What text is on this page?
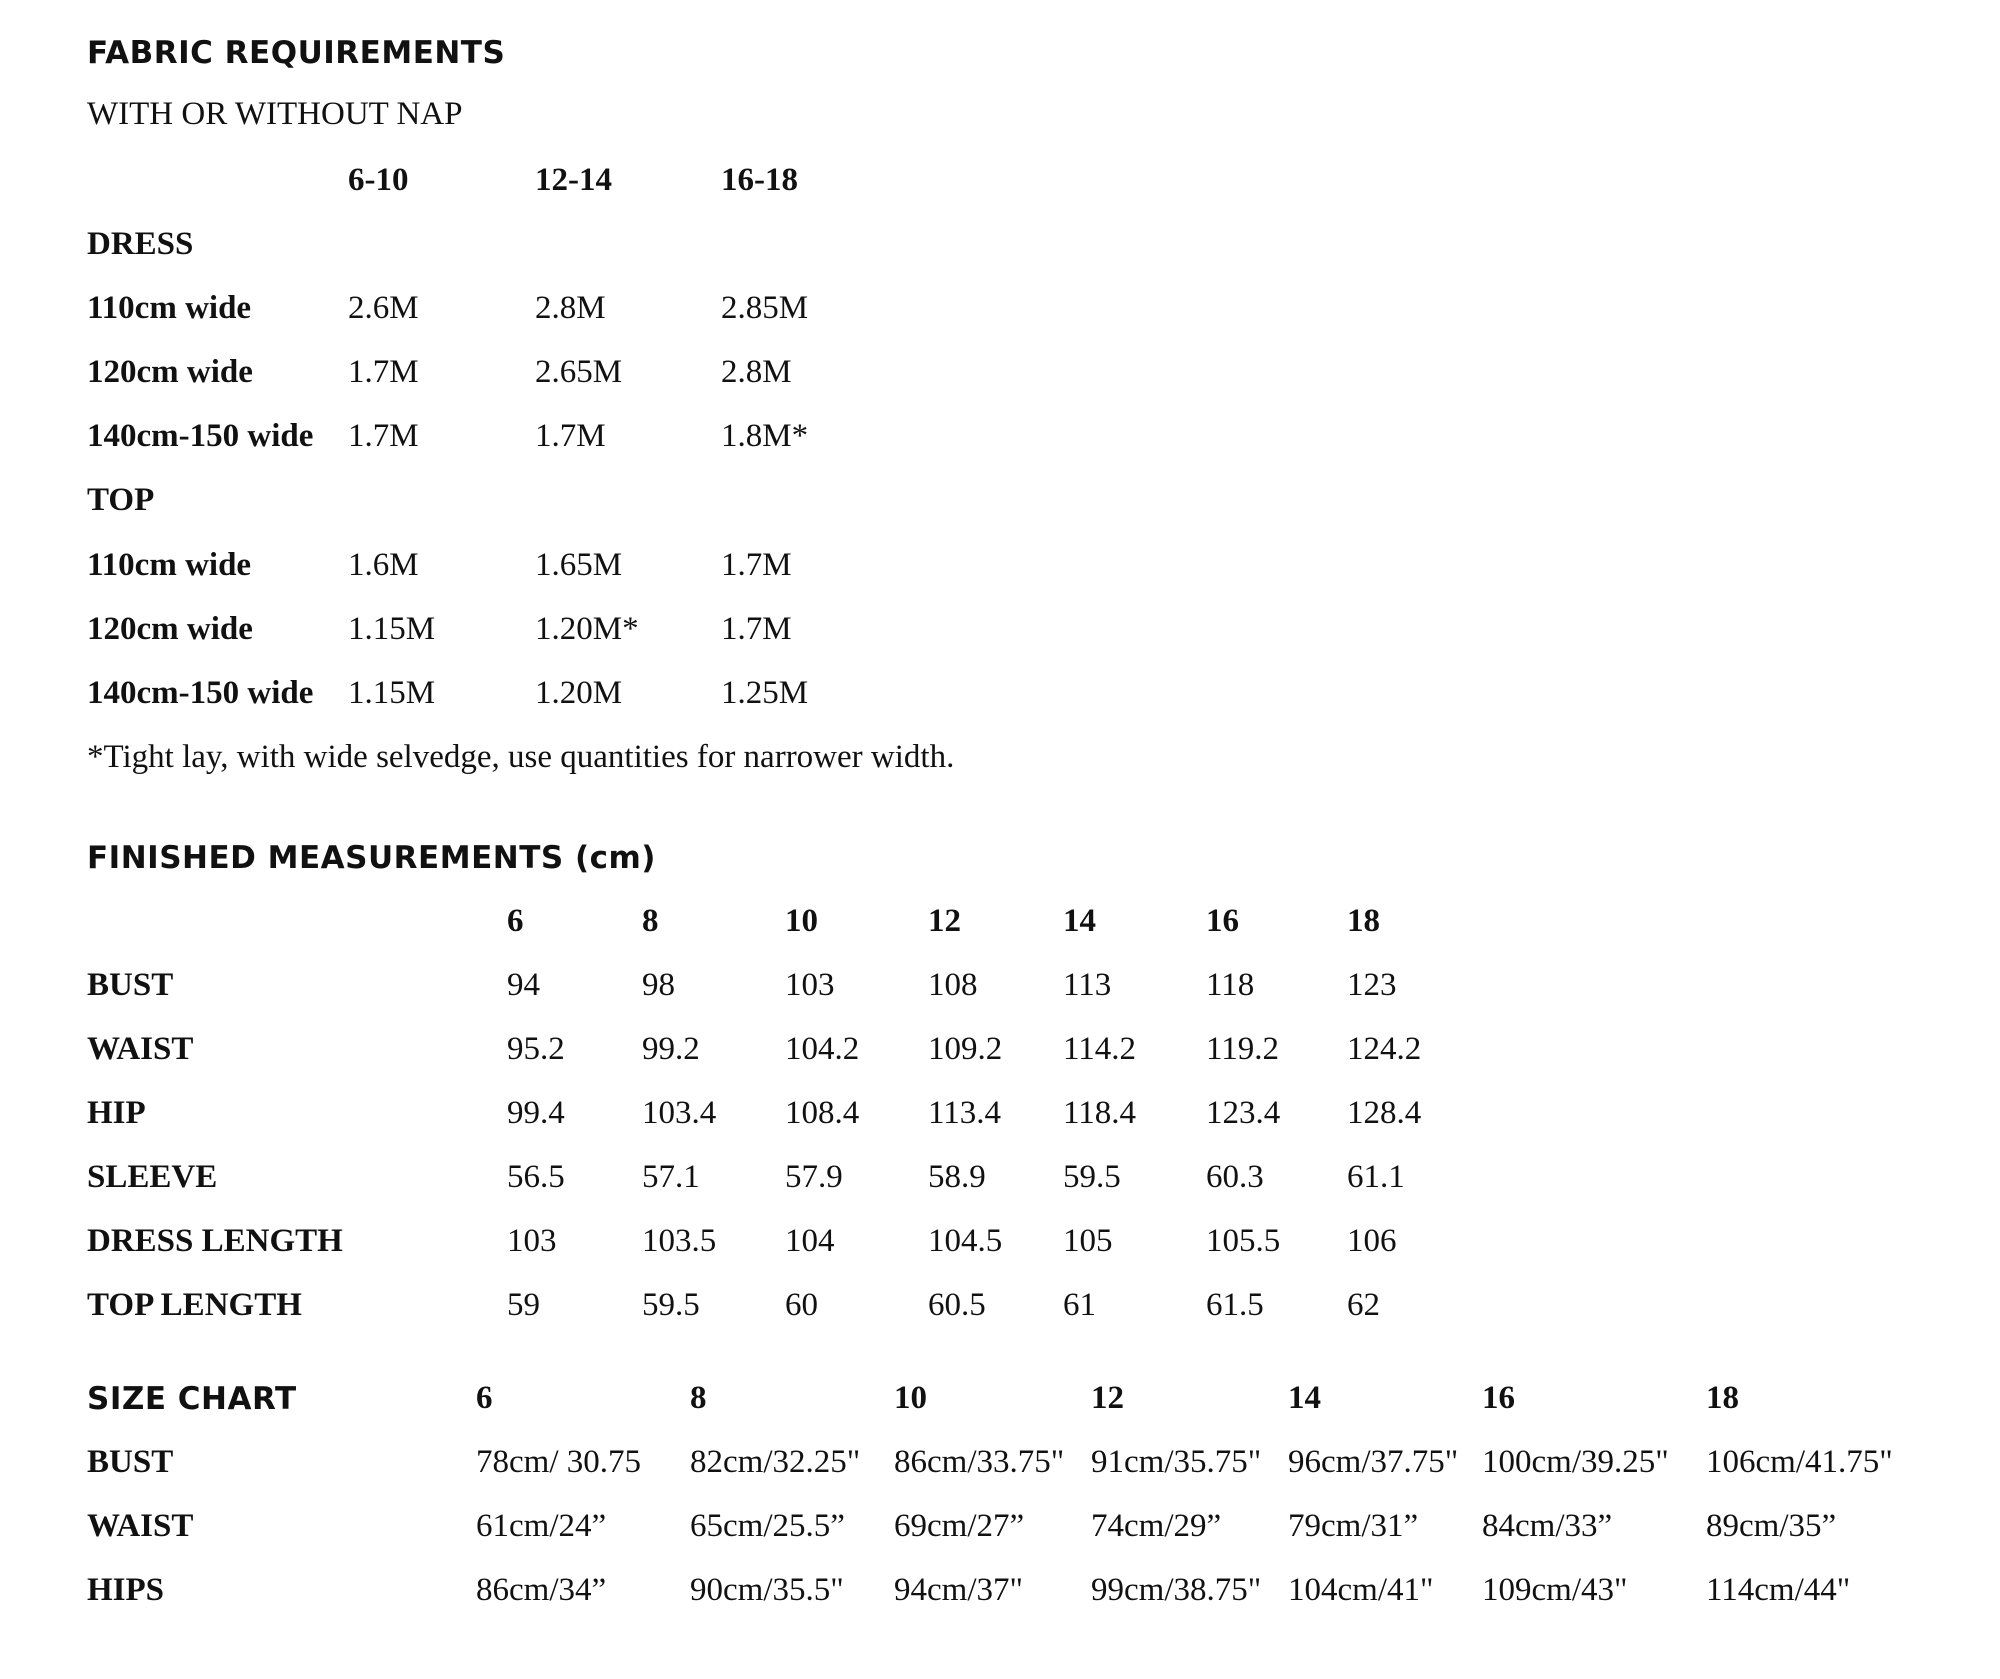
FABRIC REQUIREMENTS
WITH OR WITHOUT NAP
6-10	12-14	16-18
DRESS
110cm wide	2.6M	2.8M	2.85M
120cm wide	1.7M	2.65M	2.8M
140cm-150 wide 1.7M	1.7M	1.8M*
TOP
110cm wide	1.6M	1.65M	1.7M
120cm wide	1.15M	1.20M* 1.7M
140cm-150 wide 1.15M	1.20M	1.25M
*Tight lay, with wide selvedge, use quantities for narrower width.
FINISHED MEASUREMENTS (cm)
6	8	10	12	14	16	18
BUST	94	98	103	108	113	118	123
WAIST	95.2 99.2	104.2 109.2 114.2 119.2 124.2
HIP	99.4 103.4 108.4 113.4 118.4 123.4 128.4
SLEEVE	56.5 57.1	57.9	58.9 59.5	60.3	61.1
DRESS LENGTH	103	103.5 104	104.5 105	105.5 106
TOP LENGTH	59	59.5	60	60.5 61	61.5	62
SIZE CHART	6	8	10	12	14	16	18
BUST	78cm/ 30.75 82cm/32.25" 86cm/33.75" 91cm/35.75" 96cm/37.75" 100cm/39.25" 106cm/41.75"
WAIST	61cm/24”	65cm/25.5” 69cm/27” 74cm/29” 79cm/31” 84cm/33”	89cm/35”
HIPS	86cm/34”	90cm/35.5" 94cm/37" 99cm/38.75" 104cm/41" 109cm/43" 114cm/44"
